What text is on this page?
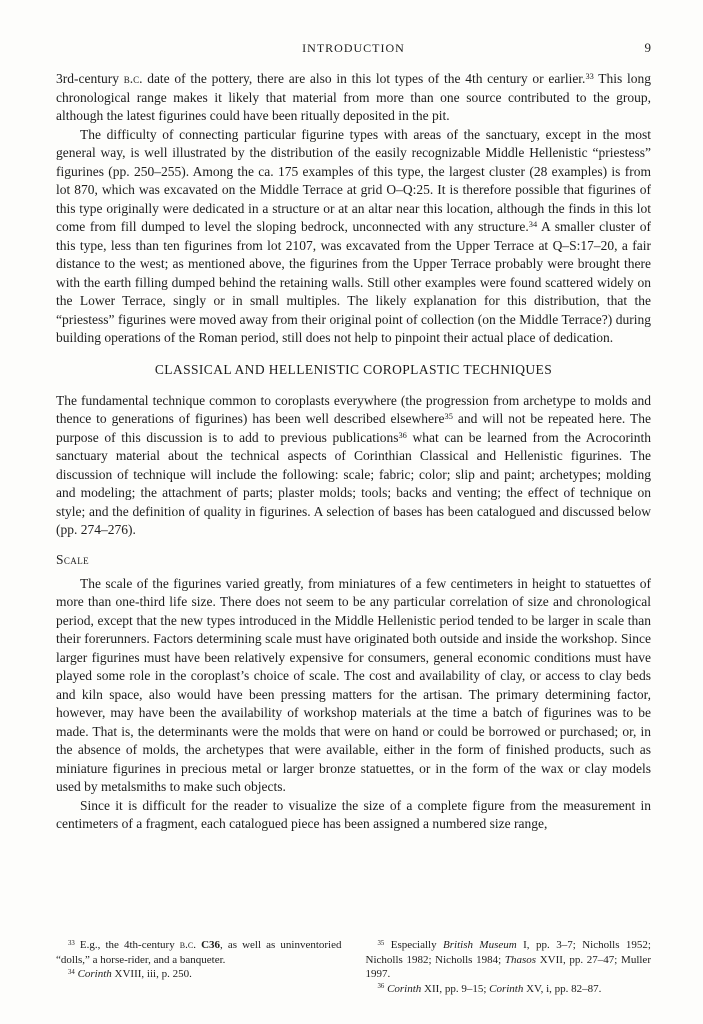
INTRODUCTION	9

3rd-century b.c. date of the pottery, there are also in this lot types of the 4th century or earlier.$^{33}$ This long chronological range makes it likely that material from more than one source contributed to the group, although the latest figurines could have been ritually deposited in the pit.

The difficulty of connecting particular figurine types with areas of the sanctuary, except in the most general way, is well illustrated by the distribution of the easily recognizable Middle Hellenistic “priestess” figurines (pp. 250–255). Among the ca. 175 examples of this type, the largest cluster (28 examples) is from lot 870, which was excavated on the Middle Terrace at grid O–Q:25. It is therefore possible that figurines of this type originally were dedicated in a structure or at an altar near this location, although the finds in this lot come from fill dumped to level the sloping bedrock, unconnected with any structure.$^{34}$ A smaller cluster of this type, less than ten figurines from lot 2107, was excavated from the Upper Terrace at Q–S:17–20, a fair distance to the west; as mentioned above, the figurines from the Upper Terrace probably were brought there with the earth filling dumped behind the retaining walls. Still other examples were found scattered widely on the Lower Terrace, singly or in small multiples. The likely explanation for this distribution, that the “priestess” figurines were moved away from their original point of collection (on the Middle Terrace?) during building operations of the Roman period, still does not help to pinpoint their actual place of dedication.

CLASSICAL AND HELLENISTIC COROPLASTIC TECHNIQUES

The fundamental technique common to coroplasts everywhere (the progression from archetype to molds and thence to generations of figurines) has been well described elsewhere$^{35}$ and will not be repeated here. The purpose of this discussion is to add to previous publications$^{36}$ what can be learned from the Acrocorinth sanctuary material about the technical aspects of Corinthian Classical and Hellenistic figurines. The discussion of technique will include the following: scale; fabric; color; slip and paint; archetypes; molding and modeling; the attachment of parts; plaster molds; tools; backs and venting; the effect of technique on style; and the definition of quality in figurines. A selection of bases has been catalogued and discussed below (pp. 274–276).

Scale

The scale of the figurines varied greatly, from miniatures of a few centimeters in height to statuettes of more than one-third life size. There does not seem to be any particular correlation of size and chronological period, except that the new types introduced in the Middle Hellenistic period tended to be larger in scale than their forerunners. Factors determining scale must have originated both outside and inside the workshop. Since larger figurines must have been relatively expensive for consumers, general economic conditions must have played some role in the coroplast’s choice of scale. The cost and availability of clay, or access to clay beds and kiln space, also would have been pressing matters for the artisan. The primary determining factor, however, may have been the availability of workshop materials at the time a batch of figurines was to be made. That is, the determinants were the molds that were on hand or could be borrowed or purchased; or, in the absence of molds, the archetypes that were available, either in the form of finished products, such as miniature figurines in precious metal or larger bronze statuettes, or in the form of the wax or clay models used by metalsmiths to make such objects.

Since it is difficult for the reader to visualize the size of a complete figure from the measurement in centimeters of a fragment, each catalogued piece has been assigned a numbered size range,

$^{33}$ E.g., the 4th-century b.c. C36, as well as uninventoried “dolls,” a horse-rider, and a banqueter.

$^{34}$ Corinth XVIII, iii, p. 250.

$^{35}$ Especially British Museum I, pp. 3–7; Nicholls 1952; Nicholls 1982; Nicholls 1984; Thasos XVII, pp. 27–47; Muller 1997.

$^{36}$ Corinth XII, pp. 9–15; Corinth XV, i, pp. 82–87.
